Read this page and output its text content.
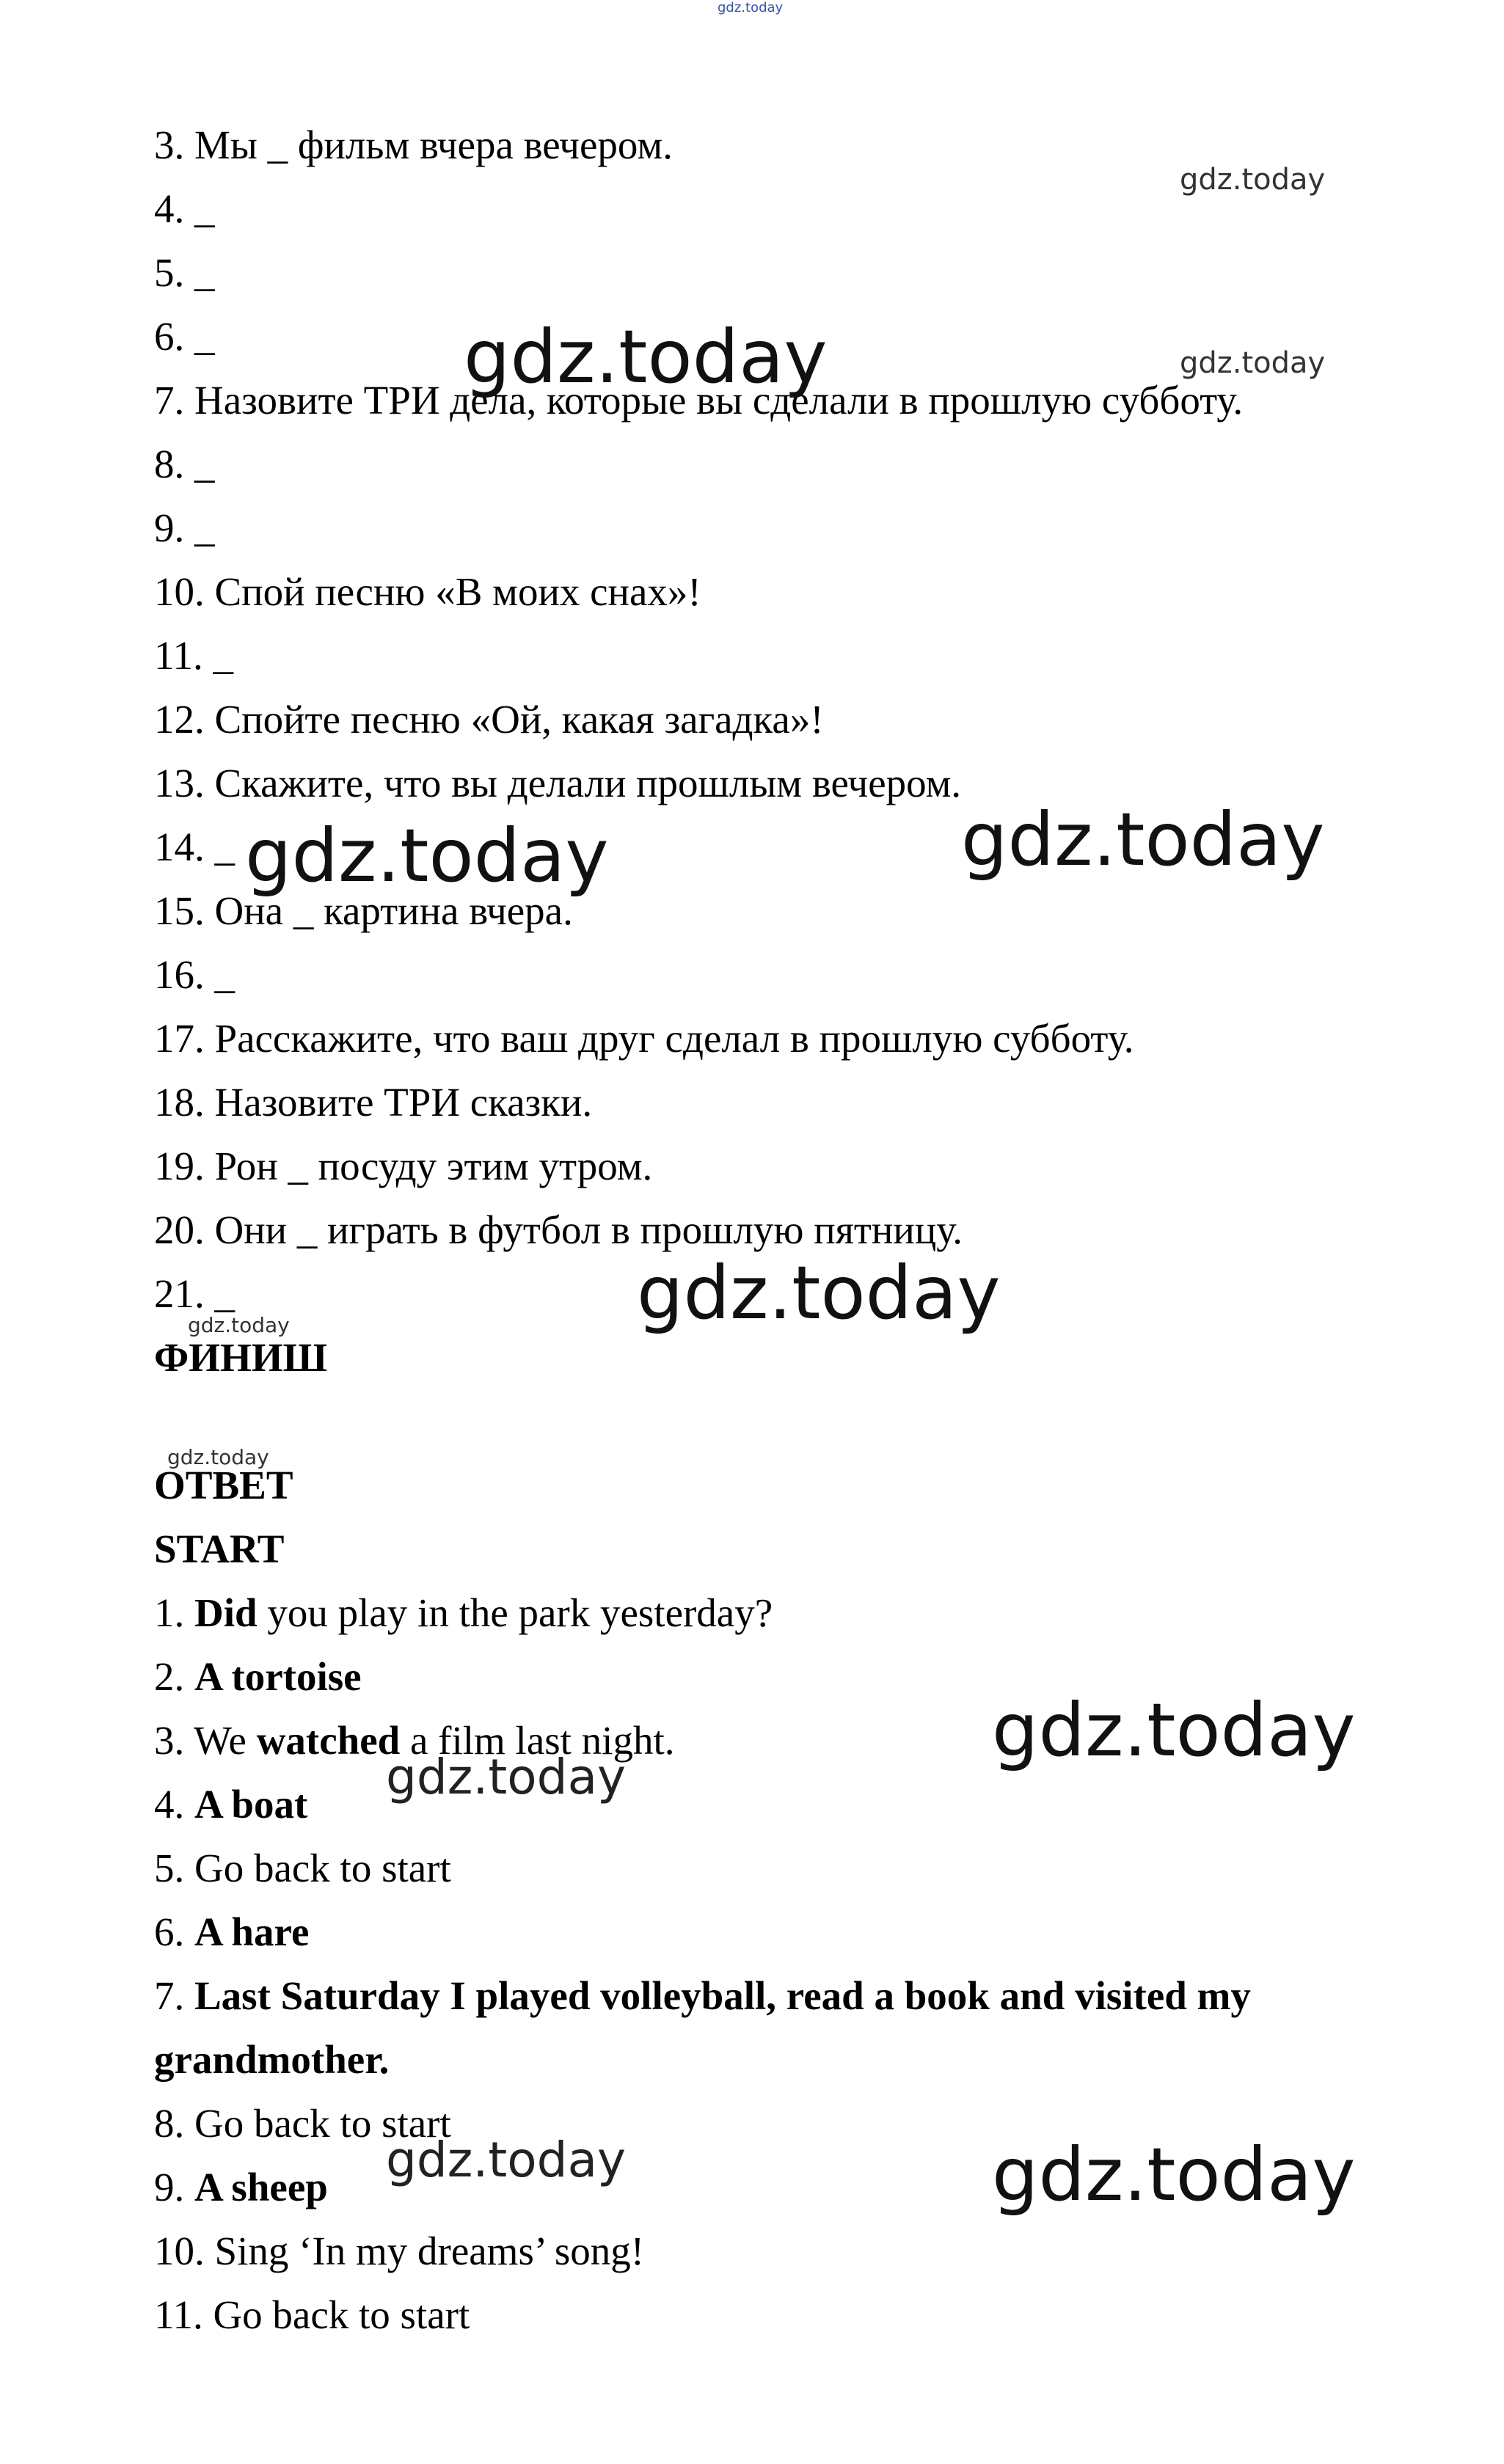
gdz.today
3. Мы _ фильм вчера вечером.
4. _
5. _
6. _
7. Назовите ТРИ дела, которые вы сделали в прошлую субботу.
8. _
9. _
10. Спой песню «В моих снах»!
11. _
12. Спойте песню «Ой, какая загадка»!
13. Скажите, что вы делали прошлым вечером.
14. _
15. Она _ картина вчера.
16. _
17. Расскажите, что ваш друг сделал в прошлую субботу.
18. Назовите ТРИ сказки.
19. Рон _ посуду этим утром.
20. Они _ играть в футбол в прошлую пятницу.
21. _
ФИНИШ
ОТВЕТ
START
1. Did you play in the park yesterday?
2. A tortoise
3. We watched a film last night.
4. A boat
5. Go back to start
6. A hare
7. Last Saturday I played volleyball, read a book and visited my
grandmother.
8. Go back to start
9. A sheep
10. Sing ‘In my dreams’ song!
11. Go back to start
gdz.today
gdz.today	gdz.today
gdz.today
gdz.today
gdz.today
gdz.today
gdz.today
gdz.today
gdz.today
gdz.today	gdz.today
